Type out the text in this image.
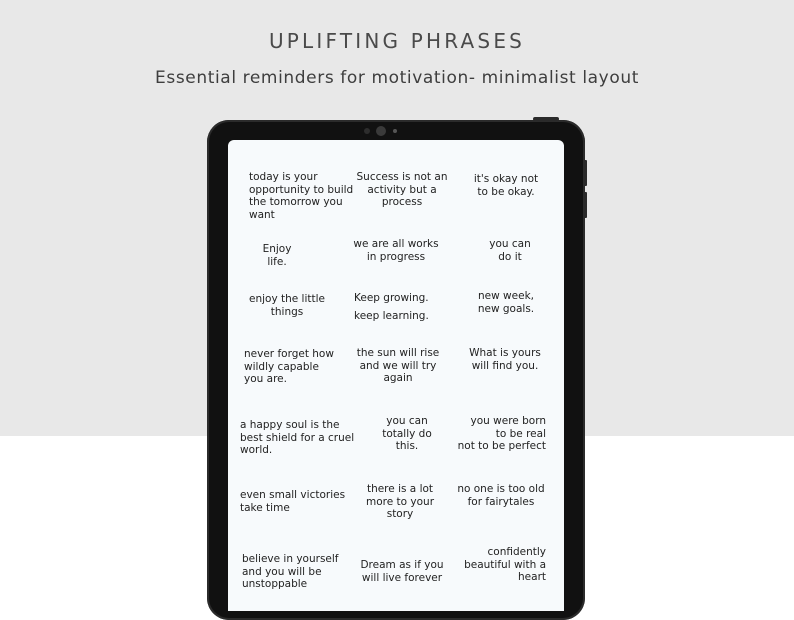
UPLIFTING PHRASES
Essential reminders for motivation- minimalist layout
today is your
opportunity to build
the tomorrow you
want
Success is not an
activity but a
process
it's okay not
to be okay.
Enjoy
life.
we are all works
in progress
you can
do it
enjoy the little
things
Keep growing.
keep learning.
new week,
new goals.
never forget how
wildly capable
you are.
the sun will rise
and we will try
again
What is yours
will find you.
a happy soul is the
best shield for a cruel
world.
you can
totally do
this.
you were born
to be real
not to be perfect
even small victories
take time
there is a lot
more to your
story
no one is too old
for fairytales
believe in yourself
and you will be
unstoppable
Dream as if you
will live forever
confidently
beautiful with a
heart
